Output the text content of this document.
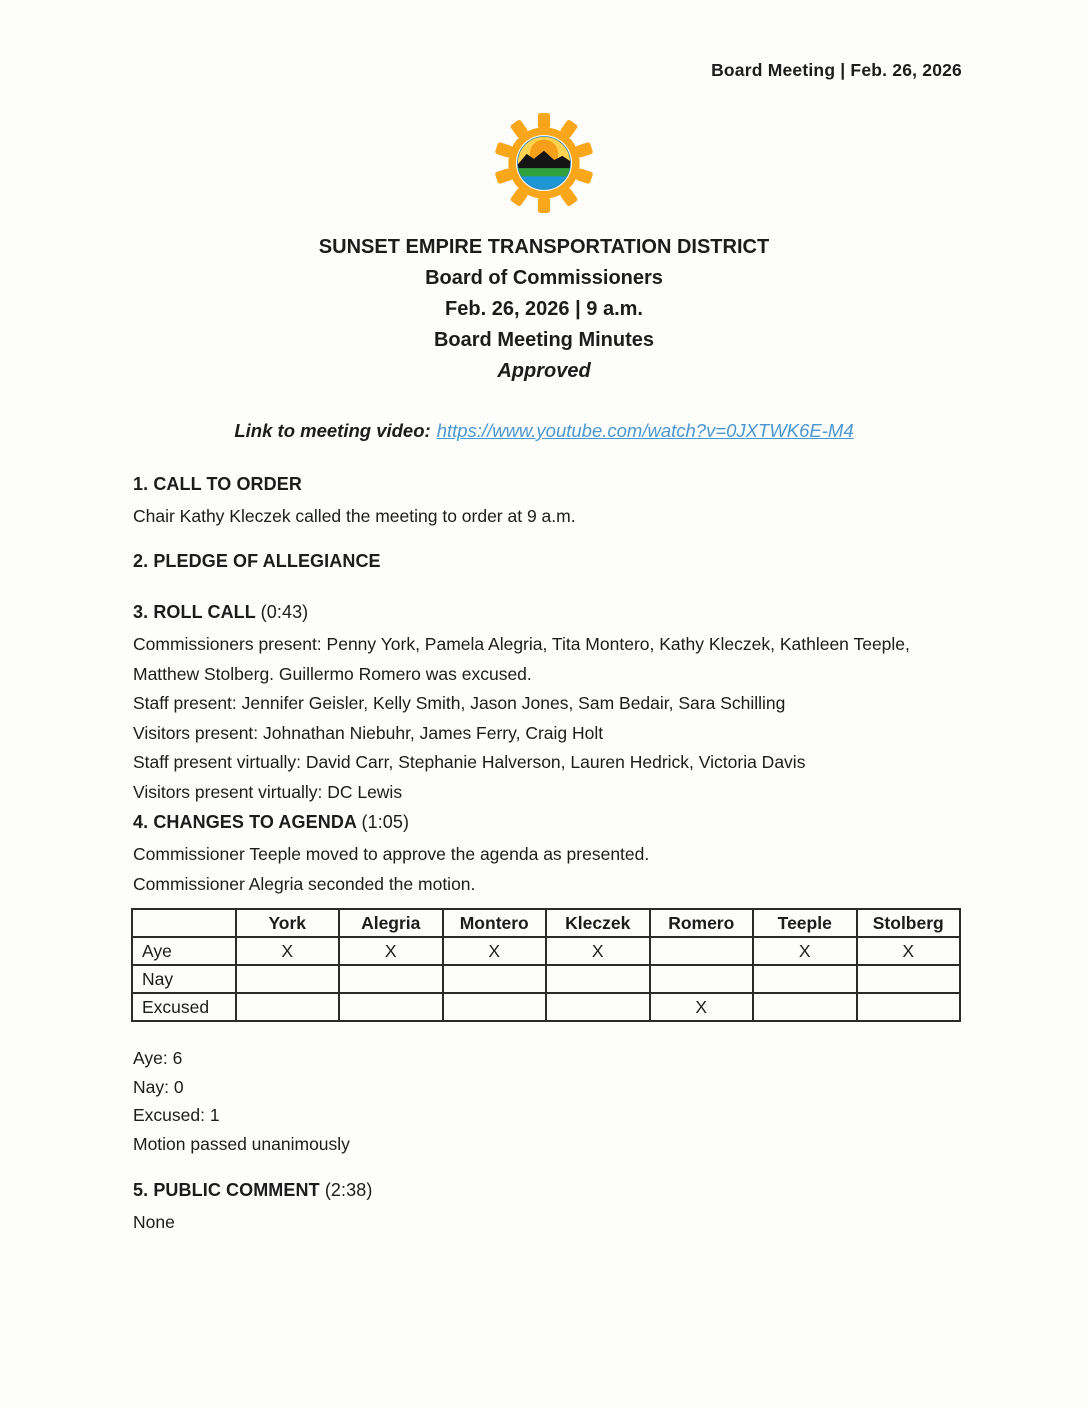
Board Meeting | Feb. 26, 2026
SUNSET EMPIRE TRANSPORTATION DISTRICT
Board of Commissioners
Feb. 26, 2026 | 9 a.m.
Board Meeting Minutes
Approved
Link to meeting video: https://www.youtube.com/watch?v=0JXTWK6E-M4
1. CALL TO ORDER
Chair Kathy Kleczek called the meeting to order at 9 a.m.
2. PLEDGE OF ALLEGIANCE
3. ROLL CALL (0:43)

Commissioners present: Penny York, Pamela Alegria, Tita Montero, Kathy Kleczek, Kathleen Teeple, Matthew Stolberg. Guillermo Romero was excused.

Staff present: Jennifer Geisler, Kelly Smith, Jason Jones, Sam Bedair, Sara Schilling

Visitors present: Johnathan Niebuhr, James Ferry, Craig Holt

Staff present virtually: David Carr, Stephanie Halverson, Lauren Hedrick, Victoria Davis

Visitors present virtually: DC Lewis

4. CHANGES TO AGENDA (1:05)

Commissioner Teeple moved to approve the agenda as presented.

Commissioner Alegria seconded the motion.

	York	Alegria	Montero	Kleczek	Romero	Teeple	Stolberg
Aye	X	X	X	X		X	X
Nay							
Excused					X		

Aye: 6

Nay: 0

Excused: 1

Motion passed unanimously

5. PUBLIC COMMENT (2:38)
None
